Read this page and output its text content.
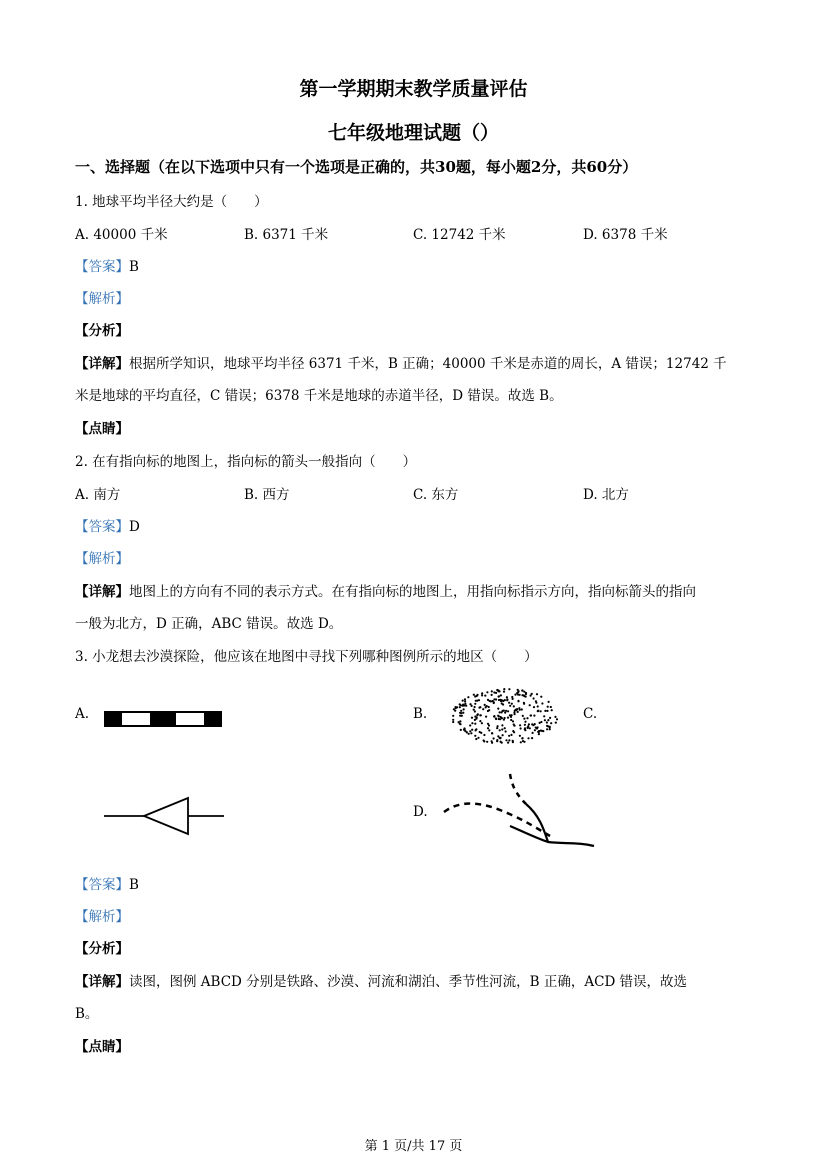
第一学期期末教学质量评估
七年级地理试题（）
一、选择题（在以下选项中只有一个选项是正确的，共30题，每小题2分，共60分）
1. 地球平均半径大约是（　　）
A. 40000 千米	B. 6371 千米	C. 12742 千米	D. 6378 千米
【答案】B
【解析】
【分析】
【详解】根据所学知识，地球平均半径 6371 千米，B 正确；40000 千米是赤道的周长，A 错误；12742 千
米是地球的平均直径，C 错误；6378 千米是地球的赤道半径，D 错误。故选 B。
【点睛】
2. 在有指向标的地图上，指向标的箭头一般指向（　　）
A. 南方	B. 西方	C. 东方	D. 北方
【答案】D
【解析】
【详解】地图上的方向有不同的表示方式。在有指向标的地图上，用指向标指示方向，指向标箭头的指向
一般为北方，D 正确，ABC 错误。故选 D。
3. 小龙想去沙漠探险，他应该在地图中寻找下列哪种图例所示的地区（　　）
A.	B.	C.
D.
【答案】B
【解析】
【分析】
【详解】读图，图例 ABCD 分别是铁路、沙漠、河流和湖泊、季节性河流，B 正确，ACD 错误，故选
B。
【点睛】
第 1 页/共 17 页
